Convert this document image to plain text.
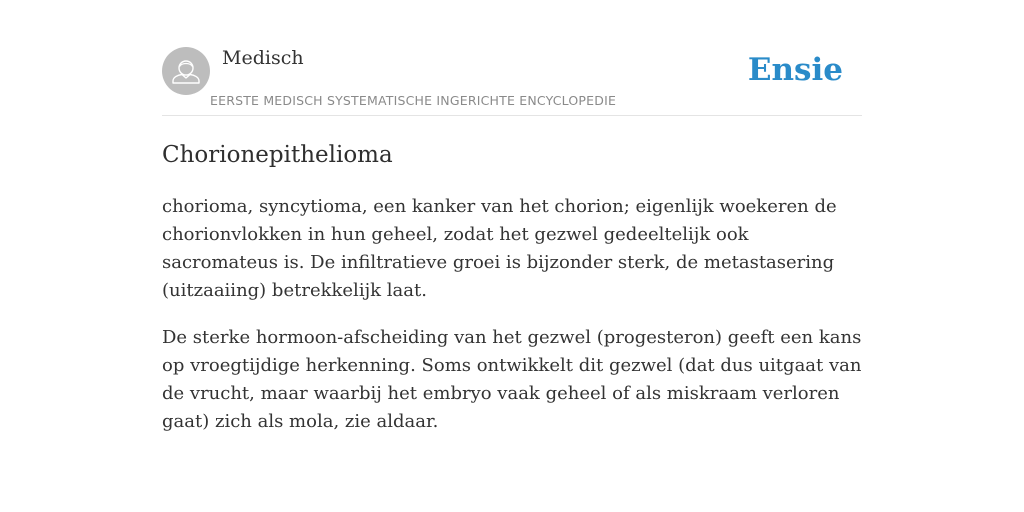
Medisch
EERSTE MEDISCH SYSTEMATISCHE INGERICHTE ENCYCLOPEDIE
Ensie
Chorionepithelioma

chorioma, syncytioma, een kanker van het chorion; eigenlijk woekeren de chorionvlokken in hun geheel, zodat het gezwel gedeeltelijk ook sacromateus is. De infiltratieve groei is bijzonder sterk, de metastasering (uitzaaiing) betrekkelijk laat.

De sterke hormoon-afscheiding van het gezwel (progesteron) geeft een kans op vroegtijdige herkenning. Soms ontwikkelt dit gezwel (dat dus uitgaat van de vrucht, maar waarbij het embryo vaak geheel of als miskraam verloren gaat) zich als mola, zie aldaar.
